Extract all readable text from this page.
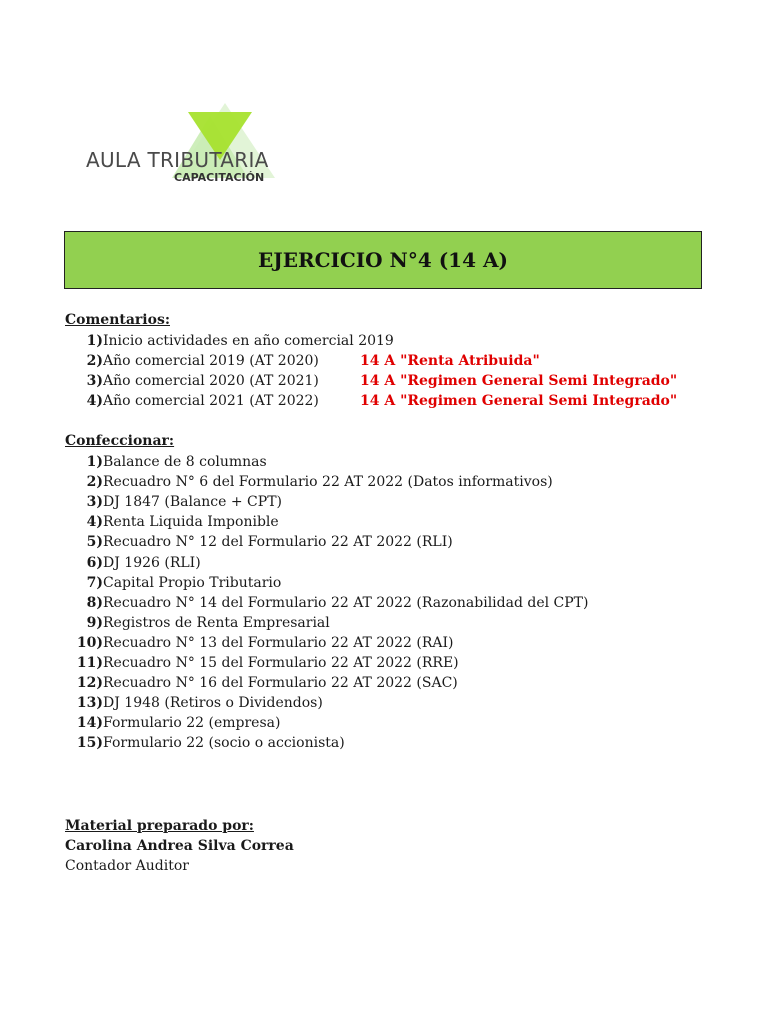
AULA TRIBUTARIA
CAPACITACIÓN
EJERCICIO N°4 (14 A)
Comentarios:
1) Inicio actividades en año comercial 2019
2) Año comercial 2019 (AT 2020)	14 A "Renta Atribuida"
3) Año comercial 2020 (AT 2021)	14 A "Regimen General Semi Integrado"
4) Año comercial 2021 (AT 2022)	14 A "Regimen General Semi Integrado"
Confeccionar:
1) Balance de 8 columnas
2) Recuadro N° 6 del Formulario 22 AT 2022 (Datos informativos)
3) DJ 1847 (Balance + CPT)
4) Renta Liquida Imponible
5) Recuadro N° 12 del Formulario 22 AT 2022 (RLI)
6) DJ 1926 (RLI)
7) Capital Propio Tributario
8) Recuadro N° 14 del Formulario 22 AT 2022 (Razonabilidad del CPT)
9) Registros de Renta Empresarial
10) Recuadro N° 13 del Formulario 22 AT 2022 (RAI)
11) Recuadro N° 15 del Formulario 22 AT 2022 (RRE)
12) Recuadro N° 16 del Formulario 22 AT 2022 (SAC)
13) DJ 1948 (Retiros o Dividendos)
14) Formulario 22 (empresa)
15) Formulario 22 (socio o accionista)
Material preparado por:
Carolina Andrea Silva Correa
Contador Auditor
